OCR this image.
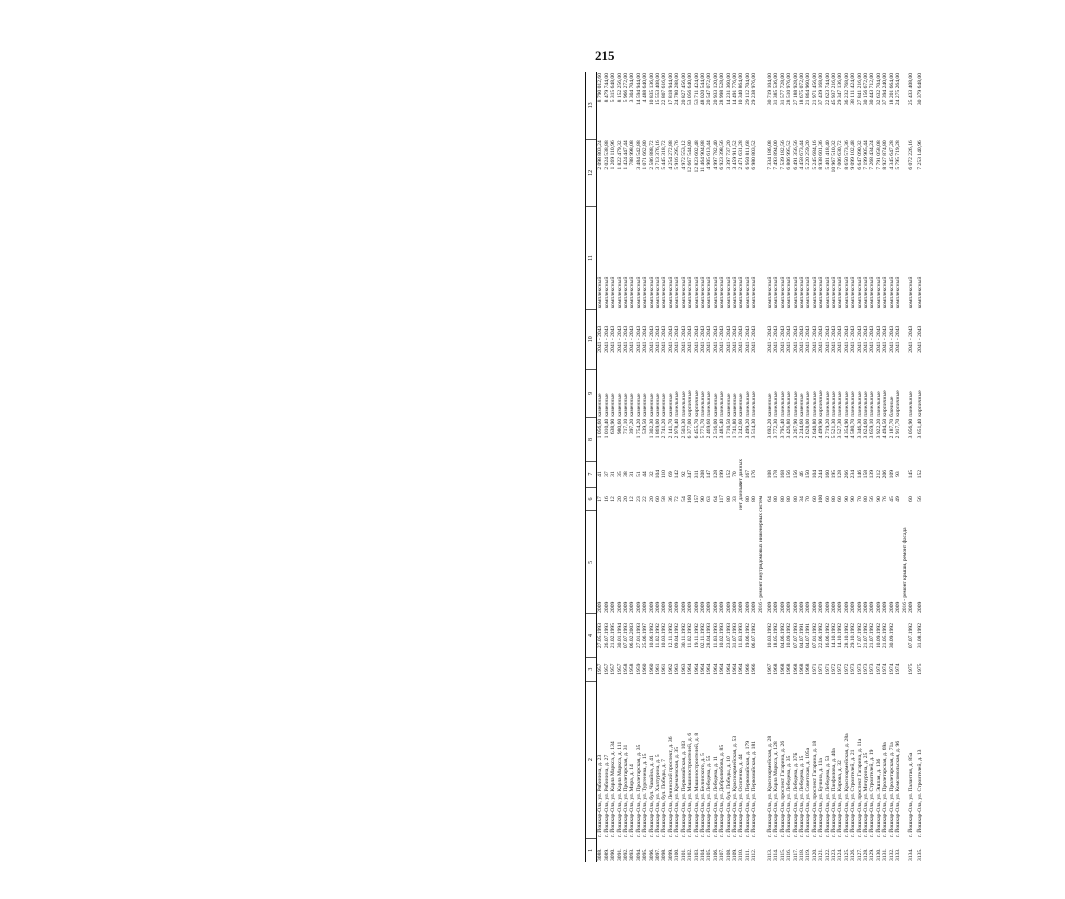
215
1	2	3	4	5	6	7	8	9	10	11	12	13
3088.	г. Йошкар-Ола, ул. Рябинина, д. 23	1957	27.05.1993	2009	17	41	1 056,60	каменные	2041 - 2043	комплексный	2 098 803,24	8 790 012,60
3089.	г. Йошкар-Ола, ул. Рябинина, д. 27	1957	26.07.1993	2009	16	37	1 010,40	каменные	2041 - 2043	комплексный	2 024 538,88	8 479 744,00
3090.	г. Йошкар-Ола, ул. Карла Маркса, д. 134	1957	21.02.1995	2009	12	31	638,90	каменные	2041 - 2043	комплексный	1 269 110,96	5 315 648,00
3091.	г. Йошкар-Ола, ул. Карла Маркса, д. 111	1957	30.01.1994	2009	20	35	980,60	каменные	2041 - 2043	комплексный	1 822 479,32	8 152 256,00
3092.	г. Йошкар-Ола, ул. Пролетарская, д. 31	1958	07.07.1993	2009	20	38	717,10	каменные	2041 - 2043	комплексный	1 424 447,44	5 966 272,00
3093.	г. Йошкар-Ола, ул. Мира, д. 14	1958	06.02.2003	2009	12	31	397,20	каменные	2041 - 2043	комплексный	788 998,08	3 304 704,00
3094.	г. Йошкар-Ола, ул. Пролетарская, д. 35	1959	27.01.1993	2009	23	51	1 754,20	каменные	2041 - 2043	комплексный	3 484 542,88	14 594 944,00
3095.	г. Йошкар-Ола, ул. Тургенева, д. 15	1960	25.06.1997	2009	22	44	539,50	каменные	2041 - 2043	комплексный	1 071 662,80	4 488 640,00
3096.	г. Йошкар-Ола, бул. Чавайна, д. 41	1960	10.06.1992	2009	20	32	1 302,30	каменные	2041 - 2043	комплексный	2 586 888,72	10 835 136,00
3097.	г. Йошкар-Ола, ул. Халтурина, д. 5	1961	11.02.1992	2009	60	104	1 869,00	каменные	2041 - 2043	комплексный	3 713 376,16	15 553 408,00
3098.	г. Йошкар-Ола, бул. Победы, д. 7	1961	10.03.1992	2009	58	110	2 741,20	каменные	2041 - 2043	комплексный	5 445 318,72	22 807 616,00
3099.	г. Йошкар-Ола, Ленинский проспект, д. 36	1962	12.11.1992	2009	36	69	2 141,70	каменные	2041 - 2043	комплексный	4 254 272,88	17 818 944,00
3100.	г. Йошкар-Ола, ул. Кремлевская, д. 35	1963	09.04.1992	2009	72	142	2 978,40	панельные	2041 - 2043	комплексный	5 916 295,76	24 780 288,00
3101.	г. Йошкар-Ола, ул. Первомайская, д. 103	1963	30.11.1992	2009	54	92	2 503,30	панельные	2041 - 2043	комплексный	4 972 553,12	20 827 456,00
3102.	г. Йошкар-Ола, ул. Машиностроителей, д. 6	1964	11.02.1992	2009	160	347	6 377,00	кирпичные	2041 - 2043	комплексный	12 667 544,80	53 056 640,00
3103.	г. Йошкар-Ола, ул. Машиностроителей, д. 8	1964	19.11.1992	2009	157	311	6 455,70	кирпичные	2041 - 2043	комплексный	12 823 602,48	53 711 424,00
3104.	г. Йошкар-Ола, ул. Белинского, д. 5	1964	02.11.1992	2009	90	208	5 771,70	панельные	2041 - 2043	комплексный	11 464 904,88	48 020 544,00
3105.	г. Йошкар-Ола, ул. Лебедева, д. 55	1964	28.04.1993	2009	63	147	2 469,60	панельные	2041 - 2043	комплексный	4 905 613,44	20 547 072,00
3106.	г. Йошкар-Ола, ул. Лебедева, д. 11	1964	11.03.1993	2009	64	128	2 516,00	каменные	2041 - 2043	комплексный	4 997 782,40	20 933 120,00
3107.	г. Йошкар-Ола, ул. Добролюбова, д. 85	1964	10.02.1993	2009	117	199	3 485,40	панельные	2041 - 2043	комплексный	6 923 398,56	28 998 528,00
3108.	г. Йошкар-Ола, бул. Победы, д. 10	1964	23.07.1993	2009	80	152	1 710,50	каменные	2041 - 2043	комплексный	3 397 737,20	14 231 360,00
3109.	г. Йошкар-Ола, ул. Красноармейская, д. 53	1964	31.07.1993	2009	33	70	1 741,80	каменные	2041 - 2043	комплексный	3 459 911,52	14 491 776,00
3110.	г. Йошкар-Ола, ул. Осипенко, д. 44	1964	11.03.1993	2009	нет данных	нет данных	1 242,60	каменные	2041 - 2043	комплексный	2 471 631,28	10 340 864,00
3111.	г. Йошкар-Ола, ул. Первомайская, д. 179	1966	19.06.1992	2009	80	167	3 499,20	панельные	2041 - 2043	комплексный	6 950 811,68	29 112 704,00
3112.	г. Йошкар-Ола, ул. Первомайская, д. 181	1966	06.07.1992	2009	80	176	3 514,30	панельные	2041 - 2043	комплексный	6 980 803,52	29 238 976,00
				2016 - ремонт внутридомовых инженерных систем								

3113.	г. Йошкар-Ола, ул. Красноармейская, д. 28	1967	10.03.1992	2009	64	108	3 692,20	каменные	2041 - 2043	комплексный	7 334 186,08	30 719 104,00
3114.	г. Йошкар-Ола, ул. Карла Маркса, д. 128	1968	18.05.1992	2009	80	178	3 772,30	панельные	2041 - 2043	комплексный	7 493 894,00	31 385 536,00
3115.	г. Йошкар-Ола, проспект Гагарина, д. 26	1968	04.06.1992	2009	80	168	3 795,40	панельные	2041 - 2043	комплексный	7 539 182,56	31 577 728,00
3116.	г. Йошкар-Ола, ул. Лебедева, д. 35	1968	10.09.1992	2009	80	156	3 426,80	панельные	2041 - 2043	комплексный	6 806 995,52	28 510 976,00
3117.	г. Йошкар-Ола, ул. Лебедева, д. 37Б	1968	07.07.1993	2009	80	156	3 267,90	панельные	2041 - 2043	комплексный	6 491 356,56	27 188 928,00
3118.	г. Йошкар-Ола, ул. Лебедева, д. 15	1968	04.07.1991	2009	34	46	2 244,60	каменные	2041 - 2043	комплексный	4 458 673,44	18 675 072,00
3119.	г. Йошкар-Ола, ул. Советская, д. 105а	1968	04.07.1991	2009	70	150	2 628,00	панельные	2041 - 2043	комплексный	5 220 259,20	21 864 960,00
3120.	г. Йошкар-Ола, проспект Гагарина, д. 18	1971	07.01.1992	2009	60	104	2 640,80	панельные	2041 - 2043	комплексный	5 245 684,16	21 971 456,00
3121.	г. Йошкар-Ола, ул. Бучина, д. 11а	1971	22.06.1992	2009	100	244	4 499,90	кирпичные	2041 - 2043	комплексный	8 938 601,36	37 439 168,00
3122.	г. Йошкар-Ола, ул. Лебедева, д. 53	1971	16.06.1992	2009	60	160	2 719,20	панельные	2041 - 2043	комплексный	5 401 418,40	22 623 744,00
3123.	г. Йошкар-Ола, ул. Панфилова, д. 40а	1972	14.10.1992	2009	80	195	5 521,30	панельные	2041 - 2043	комплексный	10 967 510,32	45 937 216,00
3124.	г. Йошкар-Ола, ул. Кирова, д. 32	1972	14.10.1992	2009	60	128	3 527,30	панельные	2041 - 2043	комплексный	7 006 630,72	29 347 136,00
3125.	г. Йошкар-Ола, ул. Красноармейская, д. 28а	1972	28.10.1992	2009	90	266	4 354,90	панельные	2041 - 2043	комплексный	8 650 573,36	36 232 768,00
3126.	г. Йошкар-Ола, ул. Строителей, д. 21	1973	29.10.1992	2009	90	234	4 580,70	панельные	2041 - 2043	комплексный	9 099 102,48	38 111 424,00
3127.	г. Йошкар-Ола, проспект Гагарина, д. 11а	1973	17.07.1992	2009	70	146	3 346,30	панельные	2041 - 2043	комплексный	6 647 090,32	27 841 216,00
3128.	г. Йошкар-Ола, ул. Мичурина, д. 25	1973	21.07.1992	2009	80	158	3 624,60	панельные	2041 - 2043	комплексный	7 199 905,44	30 156 672,00
3129.	г. Йошкар-Ола, ул. Строителей, д. 19	1973	21.07.1992	2009	56	139	3 659,10	панельные	2041 - 2043	комплексный	7 268 434,24	30 443 712,00
3130.	г. Йошкар-Ола, ул. Эшпая, д. 136	1974	10.09.1992	2009	90	212	3 922,20	панельные	2041 - 2043	комплексный	7 791 058,08	32 632 704,00
3131.	г. Йошкар-Ола, ул. Пролетарская, д. 69а	1974	21.05.1992	2009	76	206	4 494,50	кирпичные	2041 - 2043	комплексный	8 927 874,80	37 394 240,00
3132.	г. Йошкар-Ола, ул. Пролетарская, д. 71а	1974	30.09.1992	2009	45	109	2 187,70	блочные	2041 - 2043	комплексный	4 345 647,28	18 201 664,00
3133.	г. Йошкар-Ола, ул. Комсомольская, д. 96	1974		2009	49	93	2 917,70	кирпичные	2041 - 2043	комплексный	5 795 719,28	24 275 264,00
				2016 - ремонт крыши, ремонт фасада								
3134.	г. Йошкар-Ола, ул. Палантая, д. 85а	1975	07.07.1992	2009	60	145	3 056,90	панельные	2041 - 2043	комплексный	6 072 226,16	25 433 408,00

3135.	г. Йошкар-Ола, ул. Строителей, д. 13	1975	31.08.1992	2009	56	152	3 651,40	кирпичные	2041 - 2043	комплексный	7 253 140,96	30 379 648,00
